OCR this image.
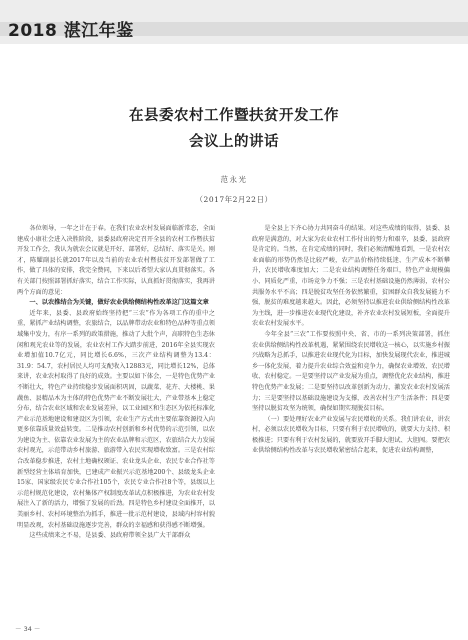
2018 湛江年鉴
在县委农村工作暨扶贫开发工作
会议上的讲话
范永光
（2017年2月22日）

各位领导，一年之计在于春。在我们农业农村发展面临新常态，全面建成小康社会进入决胜阶段，县委县政府决定召开全县的农村工作暨扶贫开发工作会，我认为就农会议就是开好、部署好，总结好、落实是关。刚才，陈耀副县长就2017年以及当前的农业农村暨扶贫开发部署做了工作，做了具体的安排，我完全赞同，下来以后希望大家认真贯彻落实。各有关部门按照部署抓好落实，结合工作实际，认真抓好贯彻落实，我再讲两个方面的意见：

一、以农推结合为关键，做好农业供给侧结构性改革这门这篇文章

近年来，县委、县政府始终坚持把“三农”作为各项工作的重中之重，紧抓产业结构调整，农旅结合，以品牌带动农业和特色品种等重点领域集中发力，有序一系列的政策措施，推动了大批个声，高职特色生态休闲和观光农业等的发展，农业农村工作大踏步前进，2016年全县实现农业增加值10.7亿元，同比增长6.6%，三次产业结构调整为13.4：31.9：54.7，农村居民人均可支配收入12883元，同比增长12%，总体来讲，农业农村取得了良好的成效。主要以如下体会，一是特色优势产业不断壮大，特色产业持续稳步发展面积巩固，以蔬菜、花卉、大楼桃、果蔬鱼、县精品木为主体的特色优势产业不断发展壮大，产业带基本上稳定分布，结合农业区域和农业发展差异，以工业园区和生态区为依托标准化产业示范基地建设和建设区为引领，农业生产方式由主要依靠资源投入向更多依靠质量效益转变。二是推动农村创新和乡村优势的示范引领，以农为建设为主、依靠农业发展为主的农业品牌和示范区，农旅结合大力发展农村观光，示范带动乡村旅游、旅游带入农民实现增收致富。三是农村综合改革稳步推进，农村土地确权颁证、农业龙头企业、农民专业合作社等新型经营主体培育加快，已建成产业振兴示范基地200个、县级龙头企业15家、国家级农民专业合作社105个，农民专业合作社8个等，县级以上示范村规范化建设，农村集体产权制度改革试点积极推进，为农业农村发展注入了新的活力，增强了发展的后劲。四是特色乡村建设全面推开，以美丽乡村、农村环境整治为抓手，推进一批示范村建设，县域内村容村貌明显改观，农村基础设施逐步完善，群众的幸福感和获得感不断增强。

这些成绩来之不易，是县委、县政府带领全县广大干部群众

是全县上下齐心协力共同奋斗的结果。对这些成绩的取得，县委、县政府是满意的，对大家为农业农村工作付出的努力和艰辛，县委、县政府是肯定的。当然，在肯定成绩的同时，我们必须清醒地看到，一是农村农业面临的形势仍然是比较严峻，农产品价格持续低迷、生产成本不断攀升，农民增收难度加大；二是农业结构调整任务艰巨，特色产业规模偏小、同质化严重，市场竞争力不强；三是农村基础设施仍然薄弱，农村公共服务水平不高；四是脱贫攻坚任务依然繁重，贫困群众自我发展能力不强，脱贫的难度越来越大。因此，必须坚持以推进农业供给侧结构性改革为主线，进一步推进农业现代化建设，补齐农业农村发展短板，全面提升农业农村发展水平。

今年全县“三农”工作要按照中央、省、市的一系列决策部署，抓住农业供给侧结构性改革机遇，紧紧围绕农民增收这一核心，以实施乡村振兴战略为总抓手，以推进农业现代化为目标，加快发展现代农业，推进城乡一体化发展，着力提升农业综合效益和竞争力，确保农业增效、农民增收、农村稳定。一是要坚持以产业发展为重点，调整优化农业结构，推进特色优势产业发展；二是要坚持以改革创新为动力，激发农业农村发展活力；三是要坚持以基础设施建设为支撑，改善农村生产生活条件；四是要坚持以脱贫攻坚为统领，确保如期实现脱贫目标。

（一）要处理好农业产业发展与农民增收的关系。我们讲农业，讲农村，必须以农民增收为目标，只要有利于农民增收的，就要大力支持、积极推进；只要有利于农村发展的，就要放开手脚大胆试、大胆闯。要把农业供给侧结构性改革与农民增收紧密结合起来，促进农业结构调整，

－ 34 －
